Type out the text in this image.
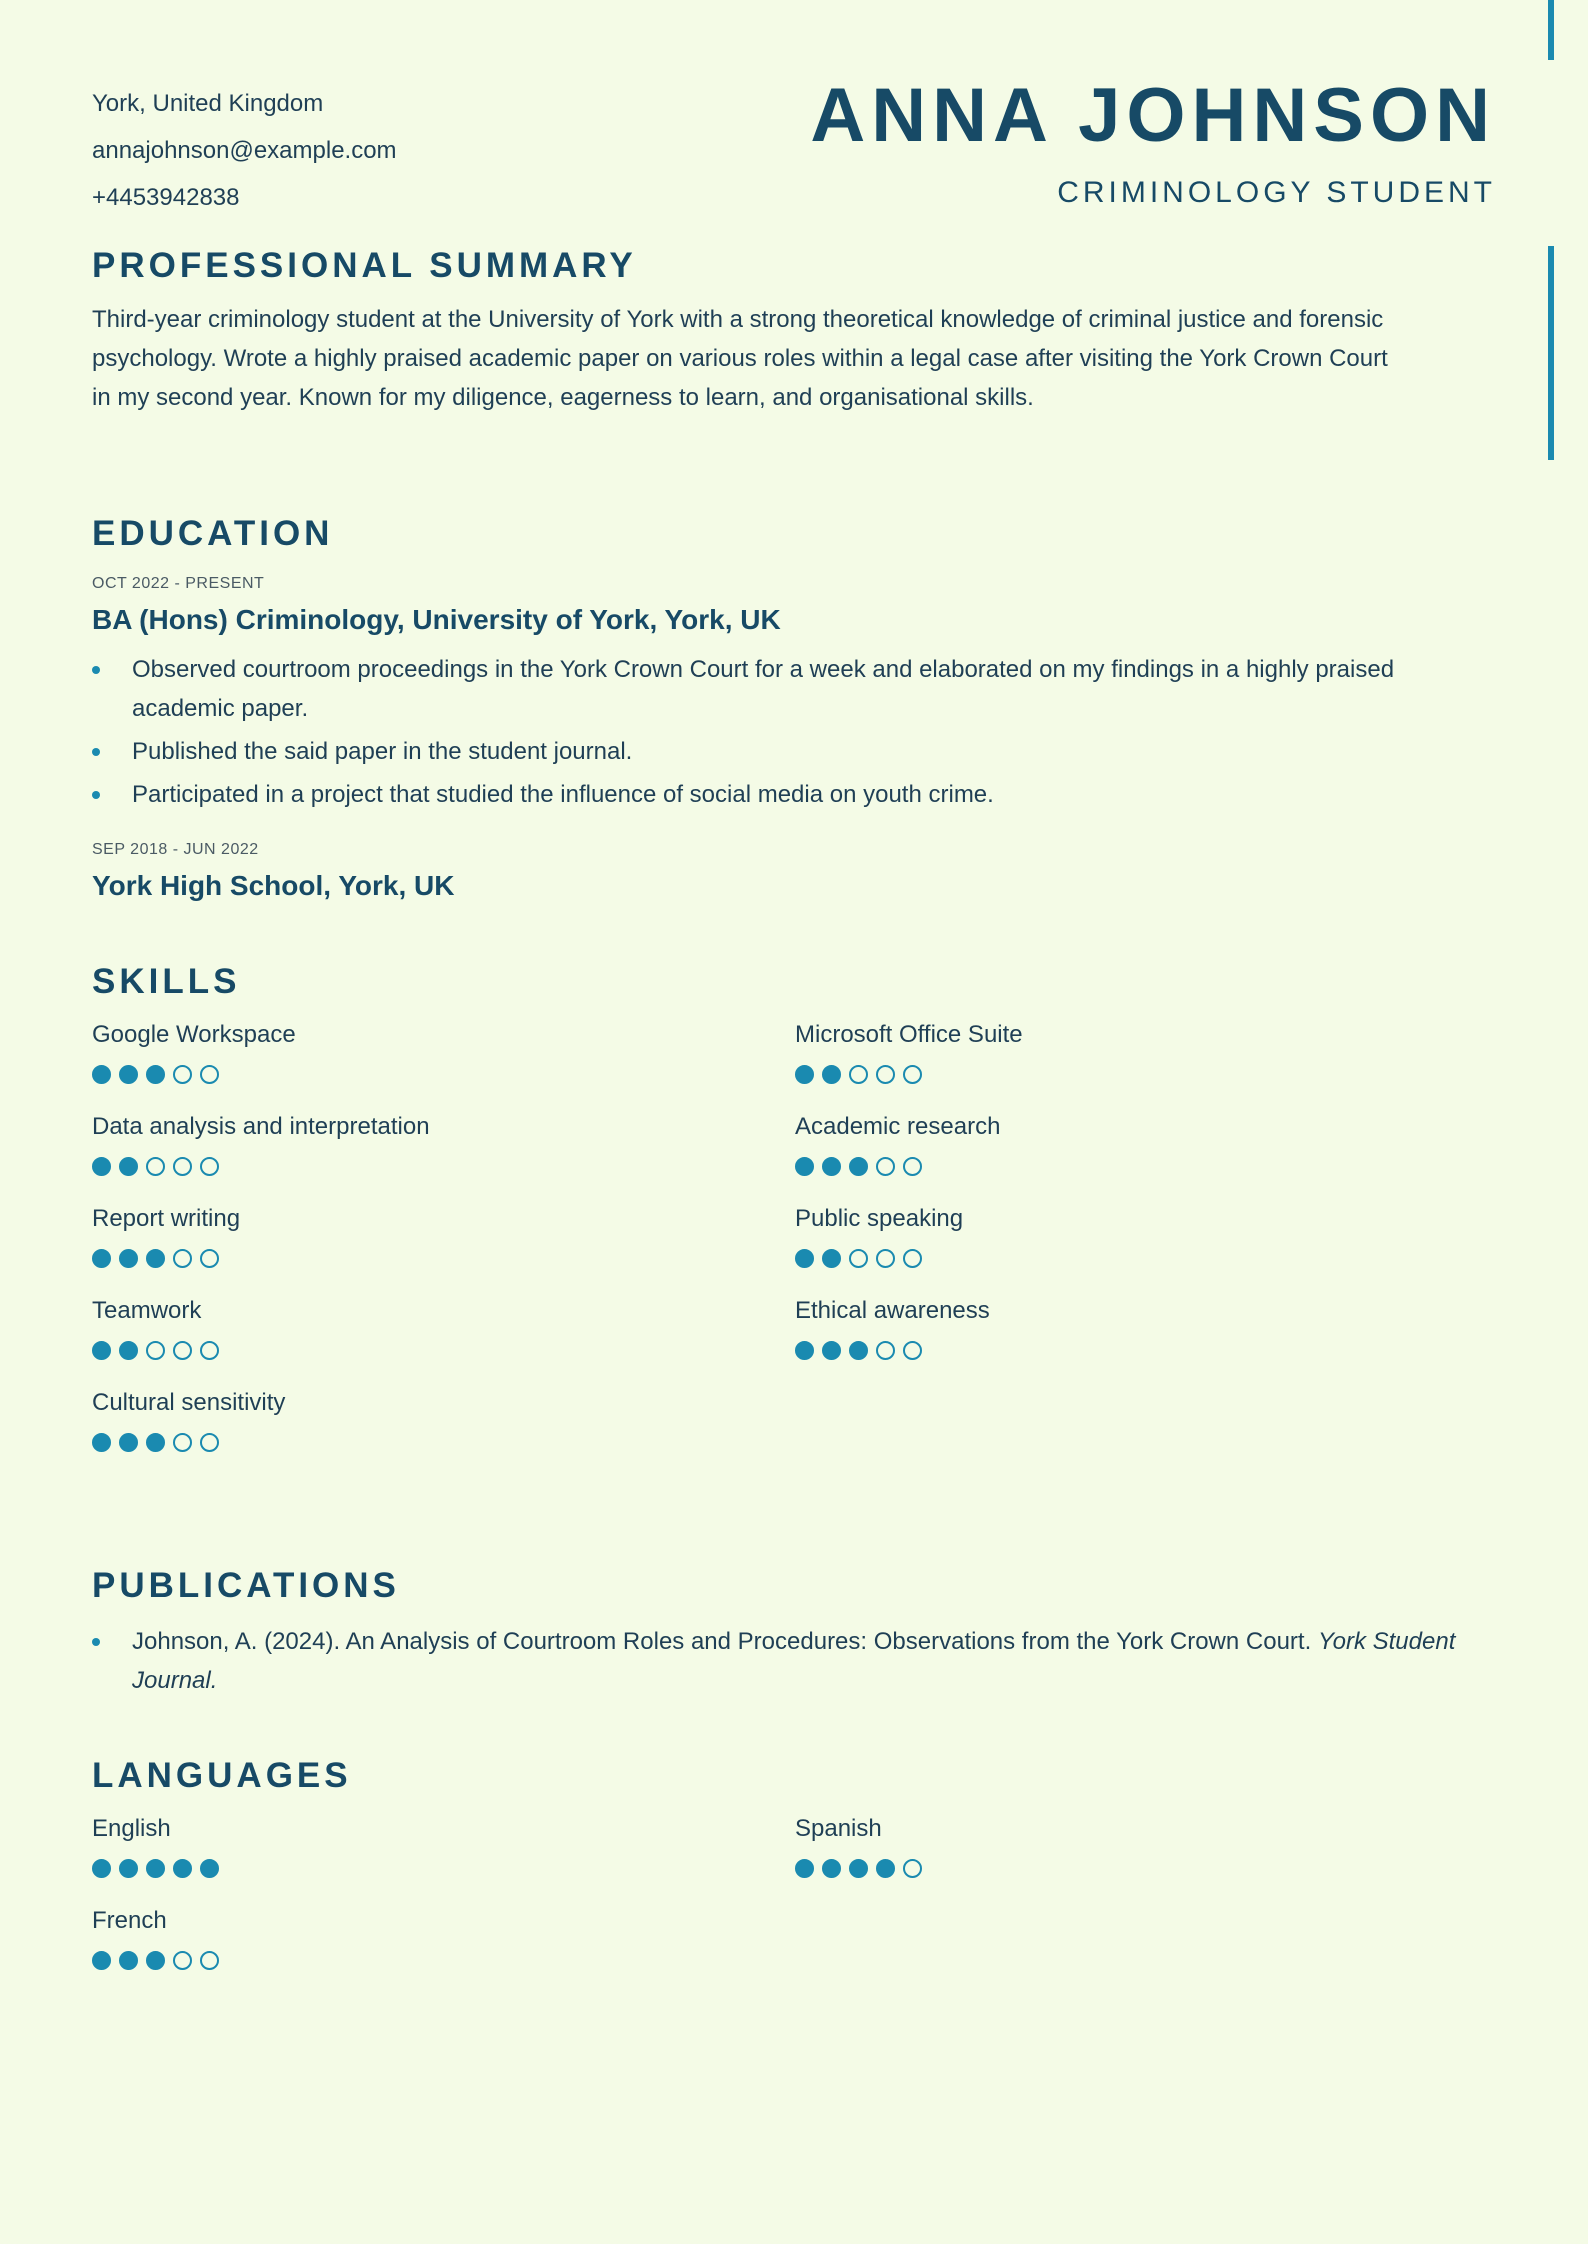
York, United Kingdom
annajohnson@example.com
+4453942838
ANNA JOHNSON
CRIMINOLOGY STUDENT
PROFESSIONAL SUMMARY
Third-year criminology student at the University of York with a strong theoretical knowledge of criminal justice and forensic psychology. Wrote a highly praised academic paper on various roles within a legal case after visiting the York Crown Court in my second year. Known for my diligence, eagerness to learn, and organisational skills.
EDUCATION
OCT 2022 - PRESENT
BA (Hons) Criminology, University of York, York, UK
Observed courtroom proceedings in the York Crown Court for a week and elaborated on my findings in a highly praised academic paper.
Published the said paper in the student journal.
Participated in a project that studied the influence of social media on youth crime.
SEP 2018 - JUN 2022
York High School, York, UK
SKILLS
Google Workspace	Microsoft Office Suite
Data analysis and interpretation	Academic research
Report writing	Public speaking
Teamwork	Ethical awareness
Cultural sensitivity
PUBLICATIONS
Johnson, A. (2024). An Analysis of Courtroom Roles and Procedures: Observations from the York Crown Court. York Student Journal.
LANGUAGES
English	Spanish
French
